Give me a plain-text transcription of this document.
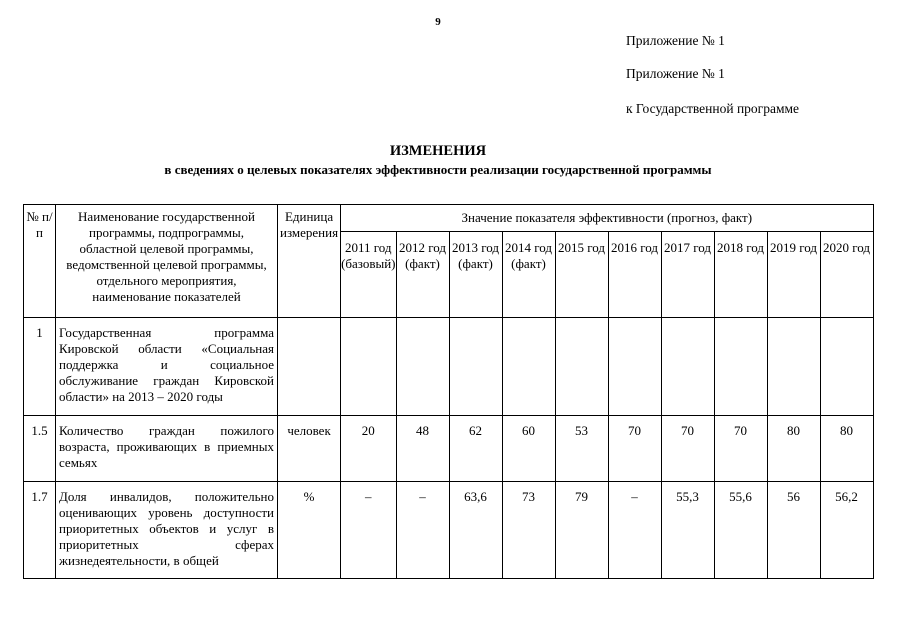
9
Приложение № 1
Приложение № 1
к Государственной программе
ИЗМЕНЕНИЯ
в сведениях о целевых показателях эффективности реализации государственной программы
№ п/п	Наименование государственной программы, подпрограммы, областной целевой программы, ведомственной целевой программы, отдельного мероприятия, наименование показателей	Единица измерения	Значение показателя эффективности (прогноз, факт)									
			2011 год (базовый)	2012 год (факт)	2013 год (факт)	2014 год (факт)	2015 год	2016 год	2017 год	2018 год	2019 год	2020 год
1	Государственная программа Кировской области «Социальная поддержка и социальное обслуживание граждан Кировской области» на 2013 – 2020 годы											
1.5	Количество граждан пожилого возраста, проживающих в приемных семьях	человек	20	48	62	60	53	70	70	70	80	80
1.7	Доля инвалидов, положительно оценивающих уровень доступности приоритетных объектов и услуг в приоритетных сферах жизнедеятельности, в общей	%	–	–	63,6	73	79	–	55,3	55,6	56	56,2
